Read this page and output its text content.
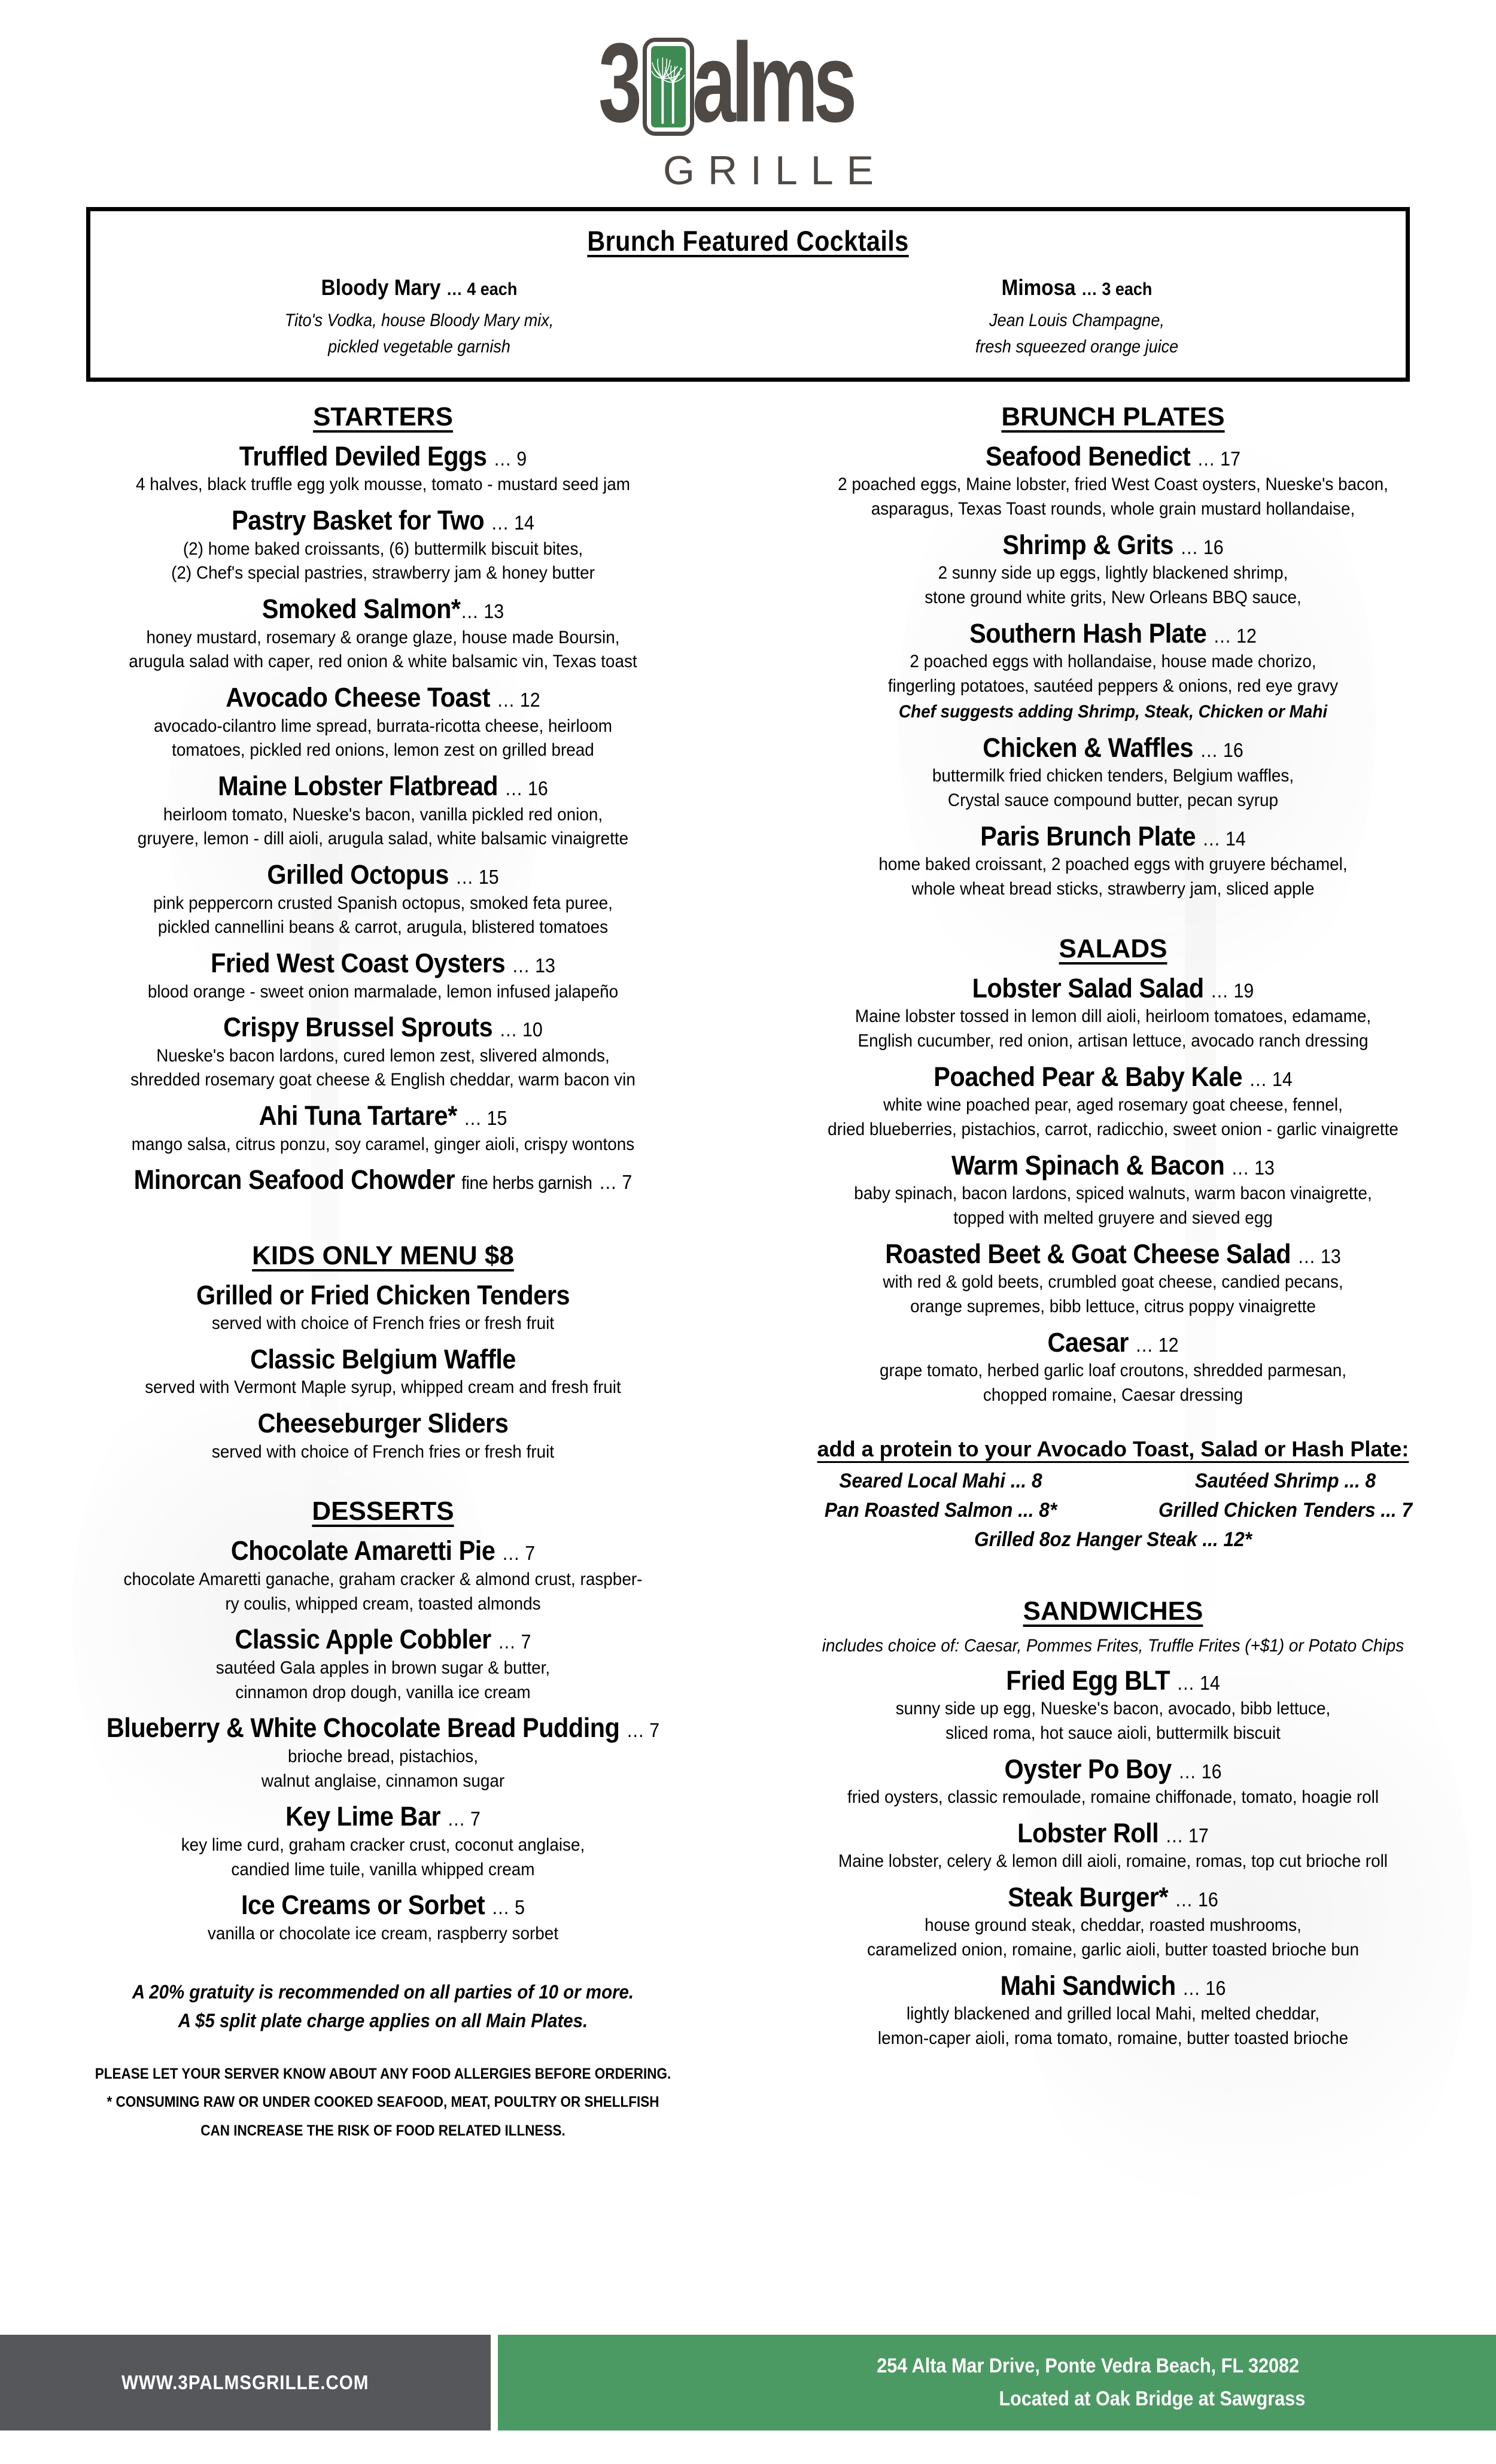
3 alms
GRILLE
Brunch Featured Cocktails
Bloody Mary … 4 each
Tito's Vodka, house Bloody Mary mix,
pickled vegetable garnish
Mimosa … 3 each
Jean Louis Champagne,
fresh squeezed orange juice
STARTERS
Truffled Deviled Eggs … 9
4 halves, black truffle egg yolk mousse, tomato - mustard seed jam
Pastry Basket for Two … 14
(2) home baked croissants, (6) buttermilk biscuit bites,
(2) Chef's special pastries, strawberry jam & honey butter
Smoked Salmon*… 13
honey mustard, rosemary & orange glaze, house made Boursin,
arugula salad with caper, red onion & white balsamic vin, Texas toast
Avocado Cheese Toast … 12
avocado-cilantro lime spread, burrata-ricotta cheese, heirloom
tomatoes, pickled red onions, lemon zest on grilled bread
Maine Lobster Flatbread … 16
heirloom tomato, Nueske's bacon, vanilla pickled red onion,
gruyere, lemon - dill aioli, arugula salad, white balsamic vinaigrette
Grilled Octopus … 15
pink peppercorn crusted Spanish octopus, smoked feta puree,
pickled cannellini beans & carrot, arugula, blistered tomatoes
Fried West Coast Oysters … 13
blood orange - sweet onion marmalade, lemon infused jalapeño
Crispy Brussel Sprouts … 10
Nueske's bacon lardons, cured lemon zest, slivered almonds,
shredded rosemary goat cheese & English cheddar, warm bacon vin
Ahi Tuna Tartare* … 15
mango salsa, citrus ponzu, soy caramel, ginger aioli, crispy wontons
Minorcan Seafood Chowder fine herbs garnish … 7
KIDS ONLY MENU $8
Grilled or Fried Chicken Tenders
served with choice of French fries or fresh fruit
Classic Belgium Waffle
served with Vermont Maple syrup, whipped cream and fresh fruit
Cheeseburger Sliders
served with choice of French fries or fresh fruit
DESSERTS
Chocolate Amaretti Pie … 7
chocolate Amaretti ganache, graham cracker & almond crust, raspber-
ry coulis, whipped cream, toasted almonds
Classic Apple Cobbler … 7
sautéed Gala apples in brown sugar & butter,
cinnamon drop dough, vanilla ice cream
Blueberry & White Chocolate Bread Pudding … 7
brioche bread, pistachios,
walnut anglaise, cinnamon sugar
Key Lime Bar … 7
key lime curd, graham cracker crust, coconut anglaise,
candied lime tuile, vanilla whipped cream
Ice Creams or Sorbet … 5
vanilla or chocolate ice cream, raspberry sorbet
A 20% gratuity is recommended on all parties of 10 or more.
A $5 split plate charge applies on all Main Plates.
PLEASE LET YOUR SERVER KNOW ABOUT ANY FOOD ALLERGIES BEFORE ORDERING.
* CONSUMING RAW OR UNDER COOKED SEAFOOD, MEAT, POULTRY OR SHELLFISH
CAN INCREASE THE RISK OF FOOD RELATED ILLNESS.
BRUNCH PLATES
Seafood Benedict … 17
2 poached eggs, Maine lobster, fried West Coast oysters, Nueske's bacon,
asparagus, Texas Toast rounds, whole grain mustard hollandaise,
Shrimp & Grits … 16
2 sunny side up eggs, lightly blackened shrimp,
stone ground white grits, New Orleans BBQ sauce,
Southern Hash Plate … 12
2 poached eggs with hollandaise, house made chorizo,
fingerling potatoes, sautéed peppers & onions, red eye gravy
Chef suggests adding Shrimp, Steak, Chicken or Mahi
Chicken & Waffles … 16
buttermilk fried chicken tenders, Belgium waffles,
Crystal sauce compound butter, pecan syrup
Paris Brunch Plate … 14
home baked croissant, 2 poached eggs with gruyere béchamel,
whole wheat bread sticks, strawberry jam, sliced apple
SALADS
Lobster Salad Salad … 19
Maine lobster tossed in lemon dill aioli, heirloom tomatoes, edamame,
English cucumber, red onion, artisan lettuce, avocado ranch dressing
Poached Pear & Baby Kale … 14
white wine poached pear, aged rosemary goat cheese, fennel,
dried blueberries, pistachios, carrot, radicchio, sweet onion - garlic vinaigrette
Warm Spinach & Bacon … 13
baby spinach, bacon lardons, spiced walnuts, warm bacon vinaigrette,
topped with melted gruyere and sieved egg
Roasted Beet & Goat Cheese Salad … 13
with red & gold beets, crumbled goat cheese, candied pecans,
orange supremes, bibb lettuce, citrus poppy vinaigrette
Caesar … 12
grape tomato, herbed garlic loaf croutons, shredded parmesan,
chopped romaine, Caesar dressing
add a protein to your Avocado Toast, Salad or Hash Plate:
Seared Local Mahi ... 8	Sautéed Shrimp ... 8
Pan Roasted Salmon ... 8*	Grilled Chicken Tenders ... 7
Grilled 8oz Hanger Steak ... 12*
SANDWICHES
includes choice of: Caesar, Pommes Frites, Truffle Frites (+$1) or Potato Chips
Fried Egg BLT … 14
sunny side up egg, Nueske's bacon, avocado, bibb lettuce,
sliced roma, hot sauce aioli, buttermilk biscuit
Oyster Po Boy … 16
fried oysters, classic remoulade, romaine chiffonade, tomato, hoagie roll
Lobster Roll … 17
Maine lobster, celery & lemon dill aioli, romaine, romas, top cut brioche roll
Steak Burger* … 16
house ground steak, cheddar, roasted mushrooms,
caramelized onion, romaine, garlic aioli, butter toasted brioche bun
Mahi Sandwich … 16
lightly blackened and grilled local Mahi, melted cheddar,
lemon-caper aioli, roma tomato, romaine, butter toasted brioche
WWW.3PALMSGRILLE.COM
254 Alta Mar Drive, Ponte Vedra Beach, FL 32082
Located at Oak Bridge at Sawgrass
